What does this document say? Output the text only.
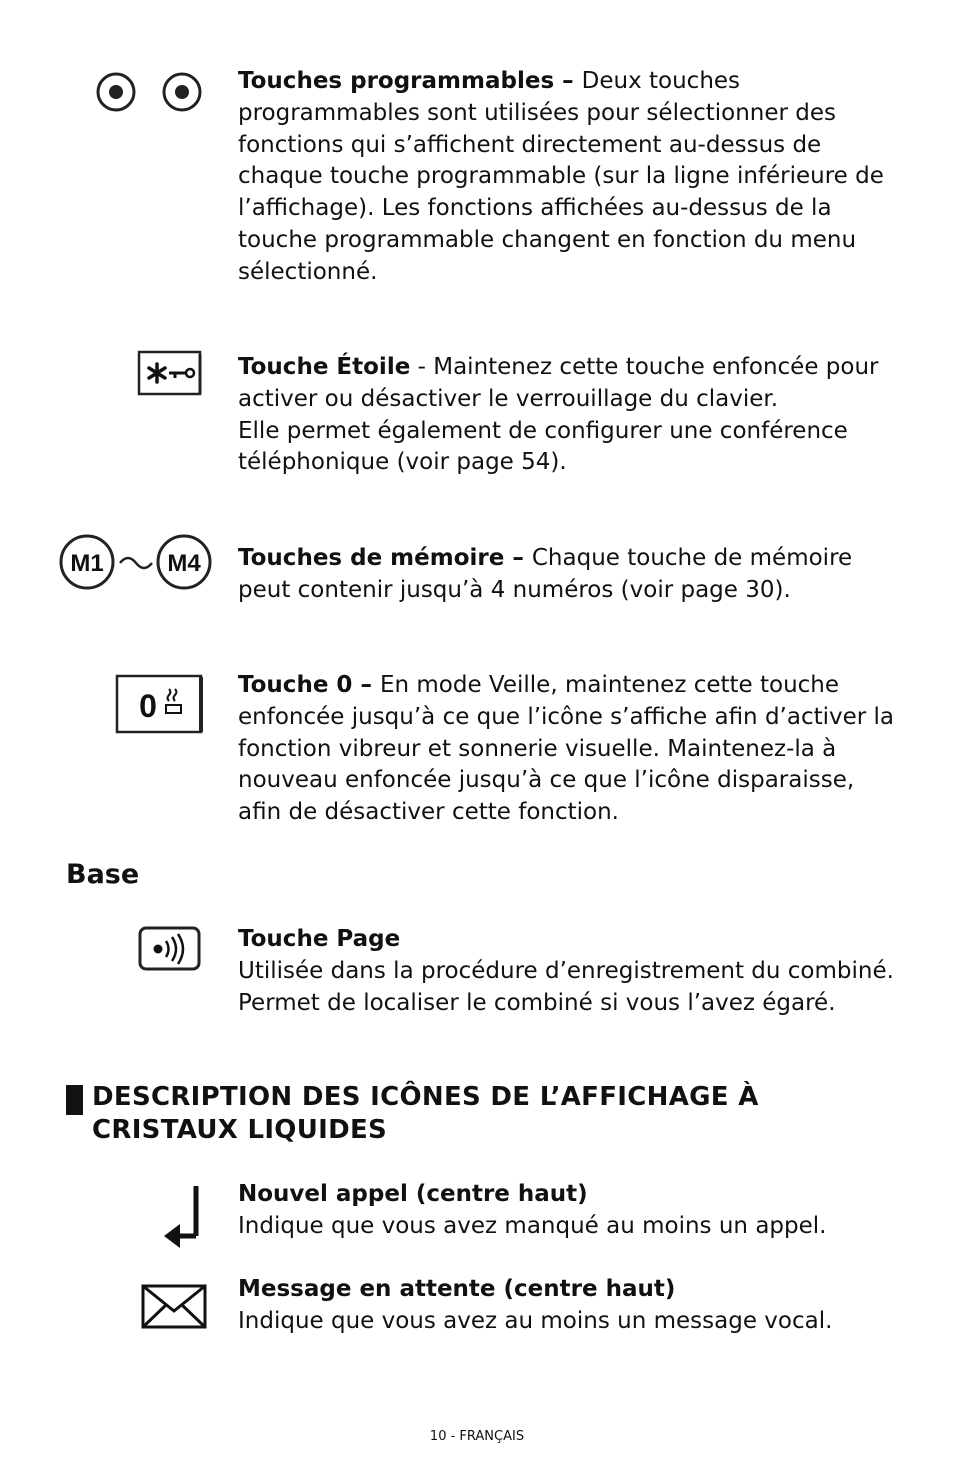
Touches programmables – Deux touches programmables sont utilisées pour sélectionner des fonctions qui s’affichent directement au-dessus de chaque touche programmable (sur la ligne inférieure de l’affichage). Les fonctions affichées au-dessus de la touche programmable changent en fonction du menu sélectionné.
Touche Étoile - Maintenez cette touche enfoncée pour activer ou désactiver le verrouillage du clavier.
Elle permet également de configurer une conférence téléphonique (voir page 54).
M1	M4 Touches de mémoire – Chaque touche de mémoire peut contenir jusqu’à 4 numéros (voir page 30).
0
Touche 0 – En mode Veille, maintenez cette touche enfoncée jusqu’à ce que l’icône s’affiche afin d’activer la fonction vibreur et sonnerie visuelle. Maintenez-la à nouveau enfoncée jusqu’à ce que l’icône disparaisse, afin de désactiver cette fonction.
Base
Touche Page
Utilisée dans la procédure d’enregistrement du combiné. Permet de localiser le combiné si vous l’avez égaré.
DESCRIPTION DES ICÔNES DE L’AFFICHAGE À CRISTAUX LIQUIDES
Nouvel appel (centre haut)
Indique que vous avez manqué au moins un appel.
Message en attente (centre haut)
Indique que vous avez au moins un message vocal.
10 - FRANÇAIS
